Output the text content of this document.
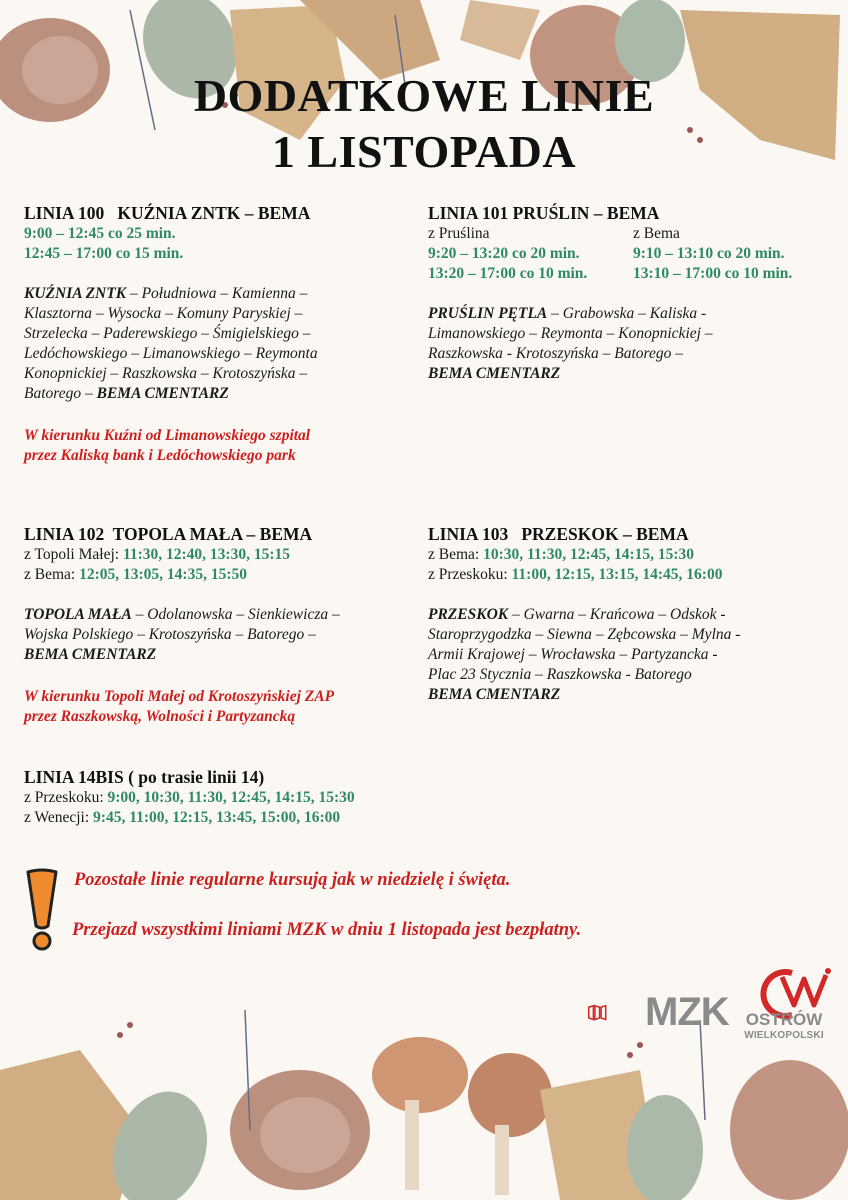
DODATKOWE LINIE
1 LISTOPADA
LINIA 100   KUŹNIA ZNTK – BEMA
9:00 – 12:45 co 25 min.
12:45 – 17:00 co 15 min.
KUŹNIA ZNTK – Południowa – Kamienna –
Klasztorna – Wysocka – Komuny Paryskiej –
Strzelecka – Paderewskiego – Śmigielskiego –
Ledóchowskiego – Limanowskiego – Reymonta
Konopnickiej – Raszkowska – Krotoszyńska –
Batorego – BEMA CMENTARZ
W kierunku Kuźni od Limanowskiego szpital
przez Kaliską bank i Ledóchowskiego park
LINIA 101 PRUŚLIN – BEMA
z Pruślina
9:20 – 13:20 co 20 min.
13:20 – 17:00 co 10 min.
z Bema
9:10 – 13:10 co 20 min.
13:10 – 17:00 co 10 min.
PRUŚLIN PĘTLA – Grabowska – Kaliska -
Limanowskiego – Reymonta – Konopnickiej –
Raszkowska - Krotoszyńska – Batorego –
BEMA CMENTARZ
LINIA 102  TOPOLA MAŁA – BEMA
z Topoli Małej: 11:30, 12:40, 13:30, 15:15
z Bema: 12:05, 13:05, 14:35, 15:50
TOPOLA MAŁA – Odolanowska – Sienkiewicza –
Wojska Polskiego – Krotoszyńska – Batorego –
BEMA CMENTARZ
W kierunku Topoli Małej od Krotoszyńskiej ZAP
przez Raszkowską, Wolności i Partyzancką
LINIA 103   PRZESKOK – BEMA
z Bema: 10:30, 11:30, 12:45, 14:15, 15:30
z Przeskoku: 11:00, 12:15, 13:15, 14:45, 16:00
PRZESKOK – Gwarna – Krańcowa – Odskok -
Staroprzygodzka – Siewna – Zębcowska – Mylna -
Armii Krajowej – Wrocławska – Partyzancka -
Plac 23 Stycznia – Raszkowska - Batorego
BEMA CMENTARZ
LINIA 14BIS ( po trasie linii 14)
z Przeskoku: 9:00, 10:30, 11:30, 12:45, 14:15, 15:30
z Wenecji: 9:45, 11:00, 12:15, 13:45, 15:00, 16:00
Pozostałe linie regularne kursują jak w niedzielę i święta.
Przejazd wszystkimi liniami MZK w dniu 1 listopada jest bezpłatny.
MZK OSTRÓW
WIELKOPOLSKI
